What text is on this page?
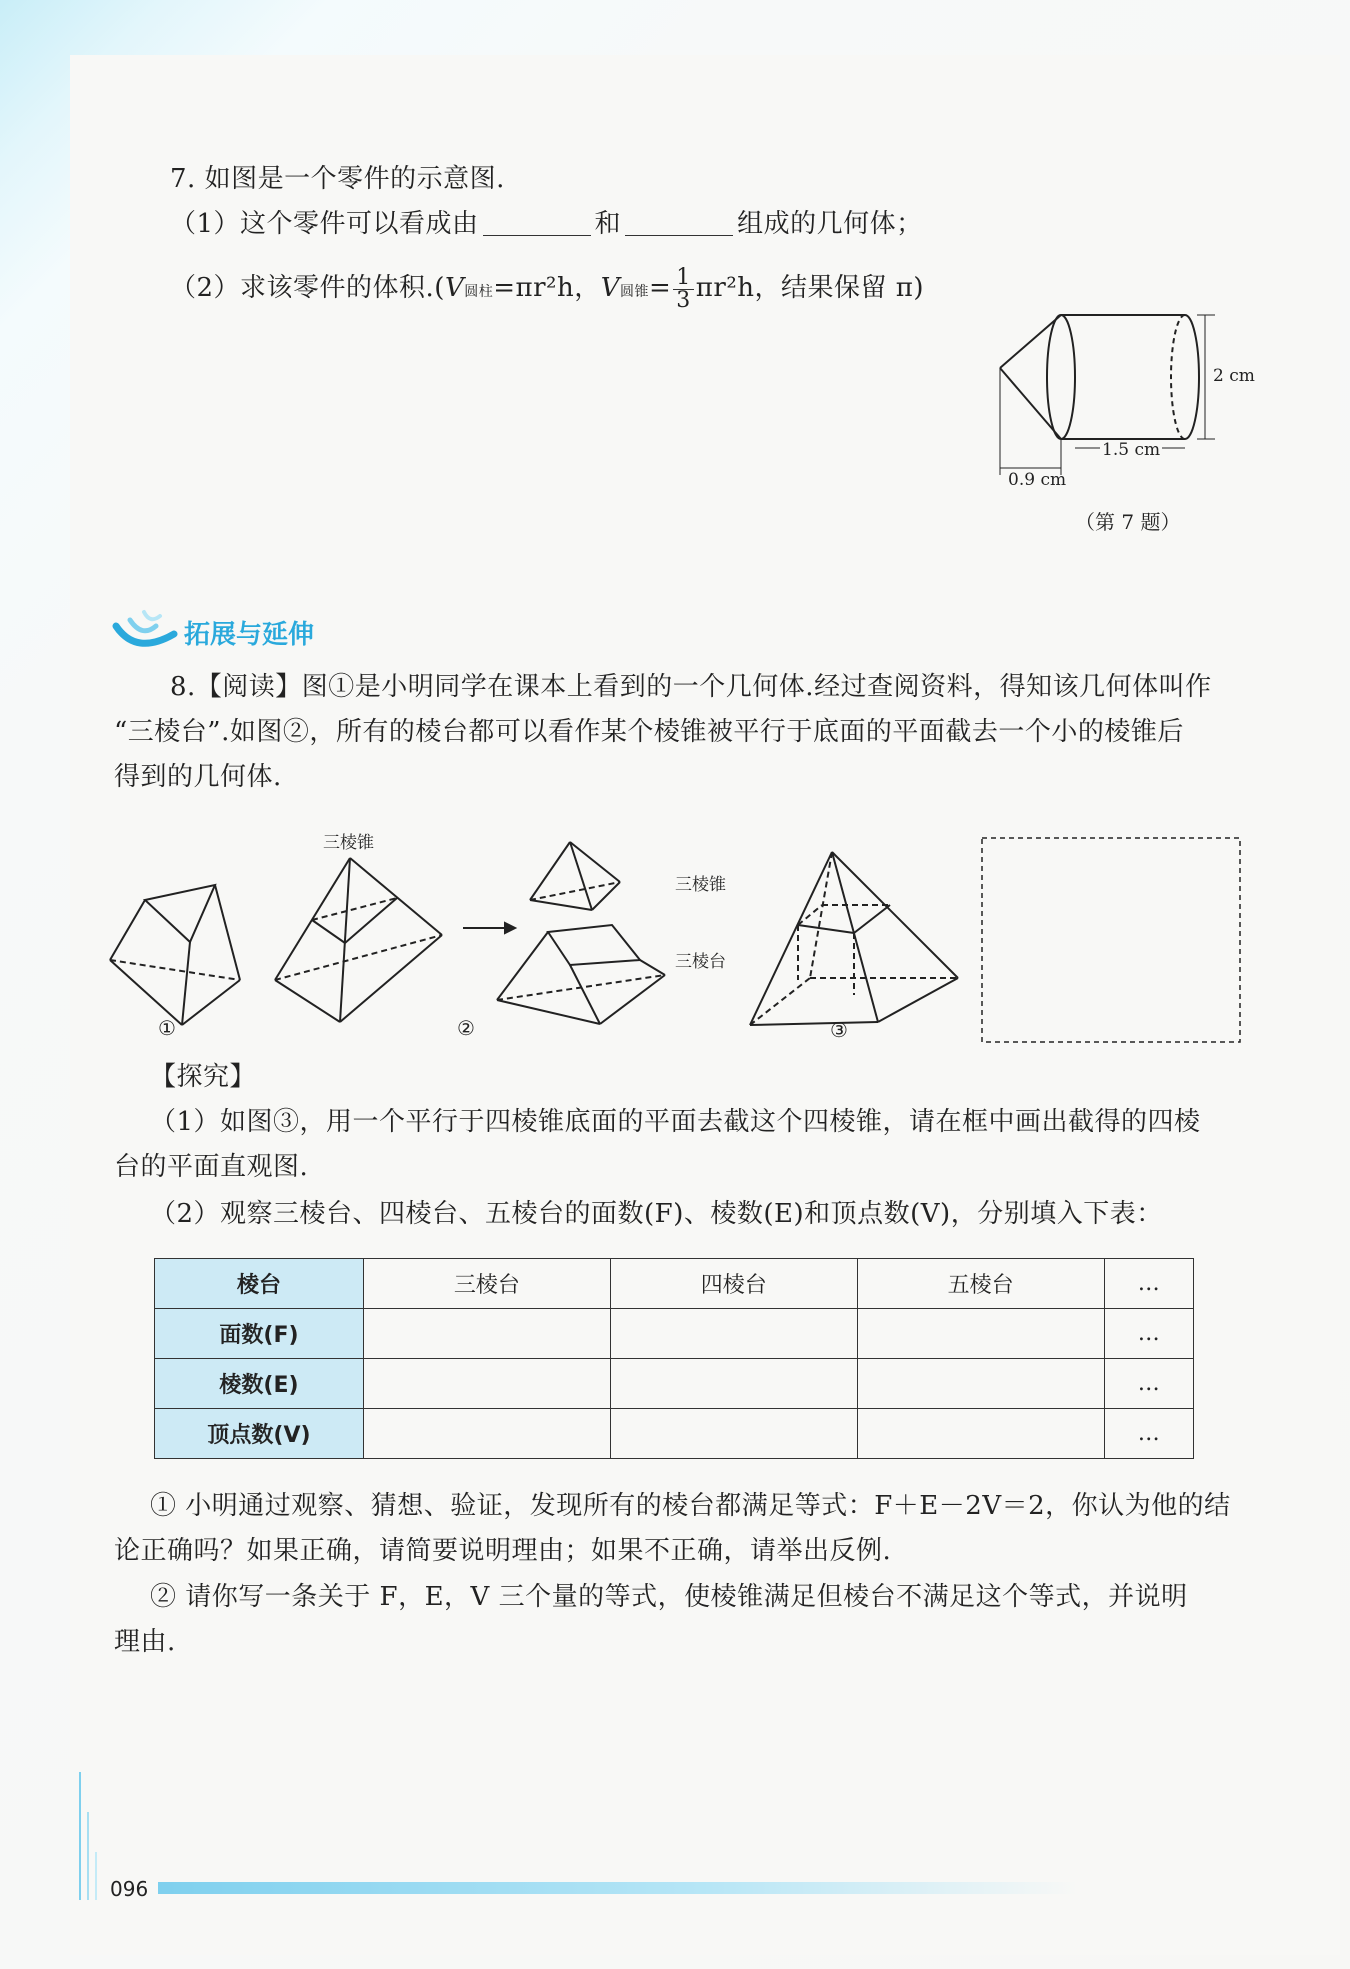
7. 如图是一个零件的示意图.
（1）这个零件可以看成由	和	组成的几何体；
（2）求该零件的体积.(V圆柱=πr²h，V圆锥= $\frac{1}{3} \pi r^2h$，结果保留 π)
2 cm
1.5 cm
0.9 cm
（第 7 题）
拓展与延伸
8.【阅读】图①是小明同学在课本上看到的一个几何体.经过查阅资料，得知该几何体叫作
“三棱台”.如图②，所有的棱台都可以看作某个棱锥被平行于底面的平面截去一个小的棱锥后
得到的几何体.
三棱锥
三棱锥
三棱台
①	②	③
【探究】
（1）如图③，用一个平行于四棱锥底面的平面去截这个四棱锥，请在框中画出截得的四棱
台的平面直观图.
（2）观察三棱台、四棱台、五棱台的面数(F)、棱数(E)和顶点数(V)，分别填入下表：
棱台	三棱台	四棱台	五棱台	…
面数(F)				…
棱数(E)				…
顶点数(V)				…
① 小明通过观察、猜想、验证，发现所有的棱台都满足等式：F＋E－2V＝2，你认为他的结
论正确吗？如果正确，请简要说明理由；如果不正确，请举出反例.
② 请你写一条关于 F，E，V 三个量的等式，使棱锥满足但棱台不满足这个等式，并说明
理由.
096
